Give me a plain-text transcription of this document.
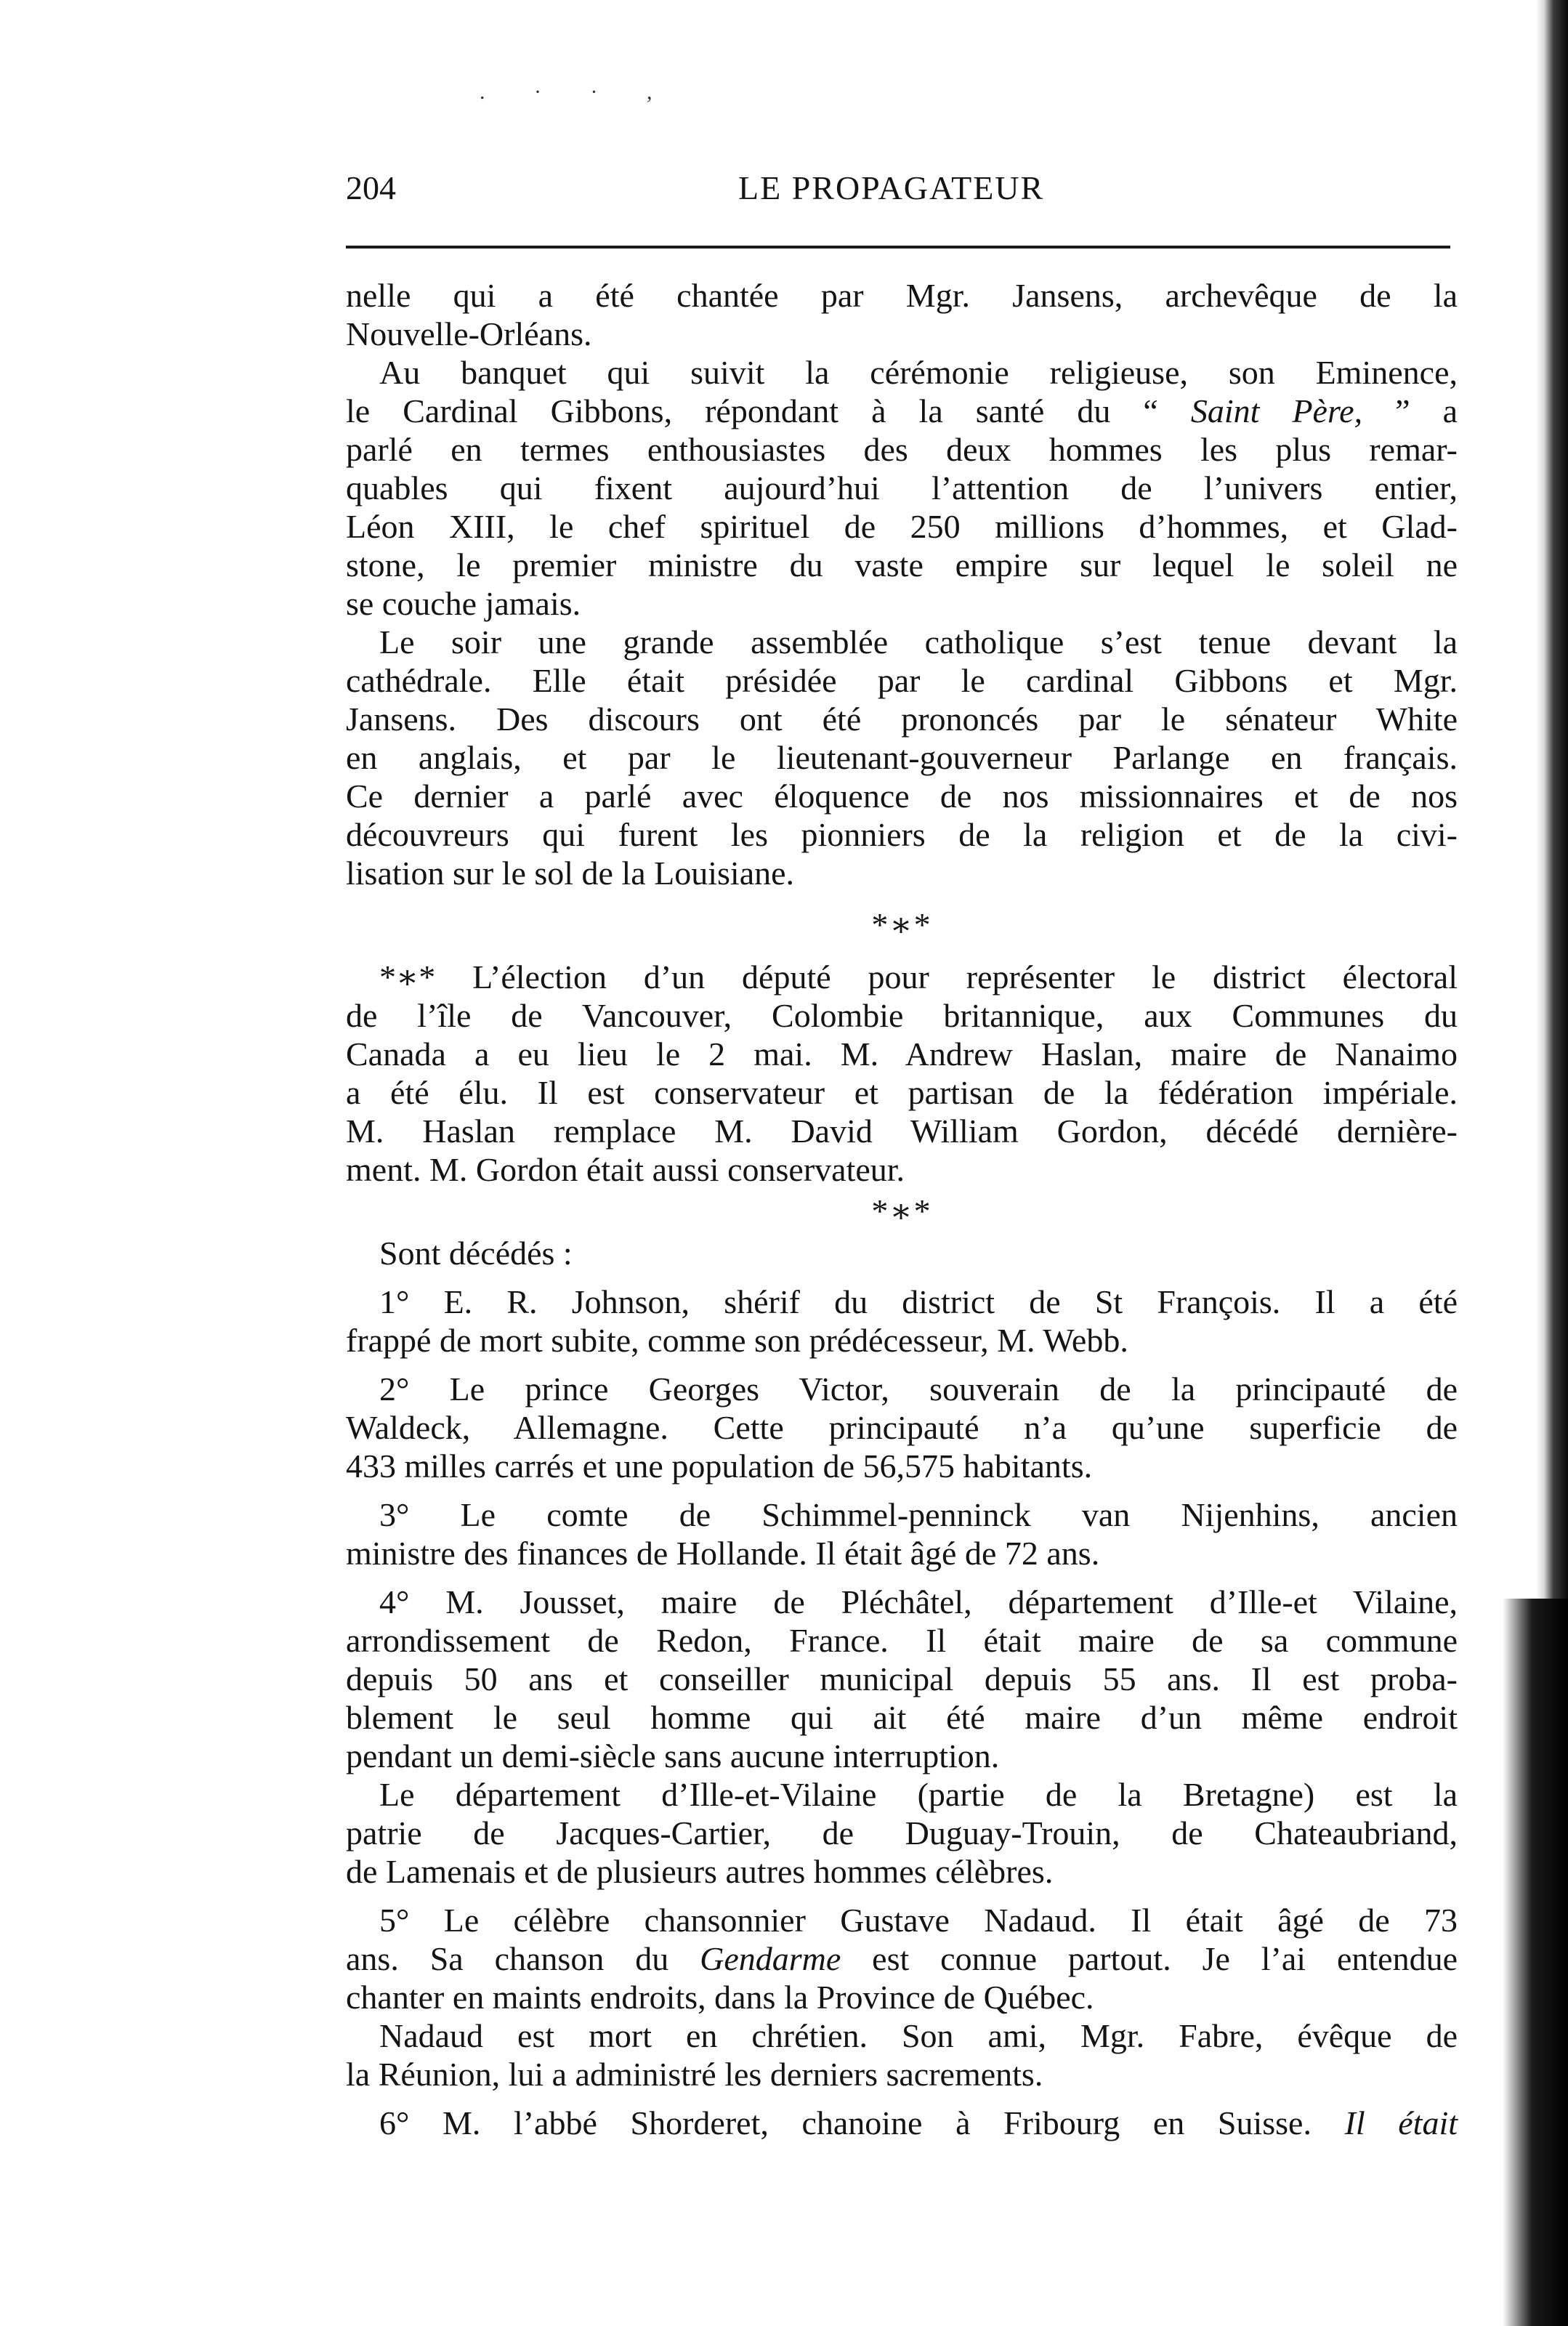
. · · ,
204	LE PROPAGATEUR
nelle qui a été chantée par Mgr. Jansens, archevêque de la
Nouvelle-Orléans.
Au banquet qui suivit la cérémonie religieuse, son Eminence,
le Cardinal Gibbons, répondant à la santé du “ Saint Père, ” a
parlé en termes enthousiastes des deux hommes les plus remar-
quables qui fixent aujourd’hui l’attention de l’univers entier,
Léon XIII, le chef spirituel de 250 millions d’hommes, et Glad-
stone, le premier ministre du vaste empire sur lequel le soleil ne
se couche jamais.
Le soir une grande assemblée catholique s’est tenue devant la
cathédrale. Elle était présidée par le cardinal Gibbons et Mgr.
Jansens. Des discours ont été prononcés par le sénateur White
en anglais, et par le lieutenant-gouverneur Parlange en français.
Ce dernier a parlé avec éloquence de nos missionnaires et de nos
découvreurs qui furent les pionniers de la religion et de la civi-
lisation sur le sol de la Louisiane.
*∗*
*∗* L’élection d’un député pour représenter le district électoral
de l’île de Vancouver, Colombie britannique, aux Communes du
Canada a eu lieu le 2 mai. M. Andrew Haslan, maire de Nanaimo
a été élu. Il est conservateur et partisan de la fédération impériale.
M. Haslan remplace M. David William Gordon, décédé dernière-
ment. M. Gordon était aussi conservateur.
*∗*
Sont décédés :
1° E. R. Johnson, shérif du district de St François. Il a été
frappé de mort subite, comme son prédécesseur, M. Webb.
2° Le prince Georges Victor, souverain de la principauté de
Waldeck, Allemagne. Cette principauté n’a qu’une superficie de
433 milles carrés et une population de 56,575 habitants.
3° Le comte de Schimmel-penninck van Nijenhins, ancien
ministre des finances de Hollande. Il était âgé de 72 ans.
4° M. Jousset, maire de Pléchâtel, département d’Ille-et Vilaine,
arrondissement de Redon, France. Il était maire de sa commune
depuis 50 ans et conseiller municipal depuis 55 ans. Il est proba-
blement le seul homme qui ait été maire d’un même endroit
pendant un demi-siècle sans aucune interruption.
Le département d’Ille-et-Vilaine (partie de la Bretagne) est la
patrie de Jacques-Cartier, de Duguay-Trouin, de Chateaubriand,
de Lamenais et de plusieurs autres hommes célèbres.
5° Le célèbre chansonnier Gustave Nadaud. Il était âgé de 73
ans. Sa chanson du Gendarme est connue partout. Je l’ai entendue
chanter en maints endroits, dans la Province de Québec.
Nadaud est mort en chrétien. Son ami, Mgr. Fabre, évêque de
la Réunion, lui a administré les derniers sacrements.
6° M. l’abbé Shorderet, chanoine à Fribourg en Suisse. Il était
